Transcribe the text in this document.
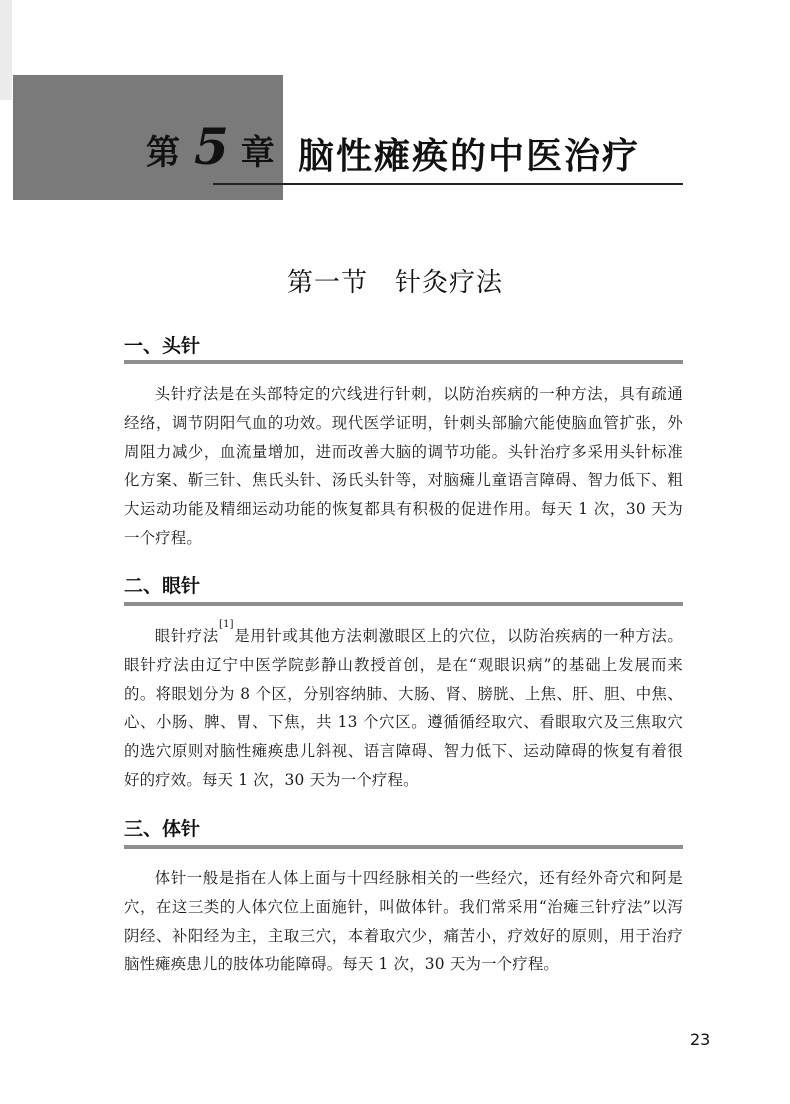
第 5 章 脑性瘫痪的中医治疗
第一节　针灸疗法
一、头针

头针疗法是在头部特定的穴线进行针刺，以防治疾病的一种方法，具有疏通经络，调节阴阳气血的功效。现代医学证明，针刺头部腧穴能使脑血管扩张，外周阻力减少，血流量增加，进而改善大脑的调节功能。头针治疗多采用头针标准化方案、靳三针、焦氏头针、汤氏头针等，对脑瘫儿童语言障碍、智力低下、粗大运动功能及精细运动功能的恢复都具有积极的促进作用。每天 1 次，30 天为一个疗程。

二、眼针

眼针疗法[1]是用针或其他方法刺激眼区上的穴位，以防治疾病的一种方法。眼针疗法由辽宁中医学院彭静山教授首创，是在“观眼识病”的基础上发展而来的。将眼划分为 8 个区，分别容纳肺、大肠、肾、膀胱、上焦、肝、胆、中焦、心、小肠、脾、胃、下焦，共 13 个穴区。遵循循经取穴、看眼取穴及三焦取穴的选穴原则对脑性瘫痪患儿斜视、语言障碍、智力低下、运动障碍的恢复有着很好的疗效。每天 1 次，30 天为一个疗程。

三、体针

体针一般是指在人体上面与十四经脉相关的一些经穴，还有经外奇穴和阿是穴，在这三类的人体穴位上面施针，叫做体针。我们常采用“治瘫三针疗法”以泻阴经、补阳经为主，主取三穴，本着取穴少，痛苦小，疗效好的原则，用于治疗脑性瘫痪患儿的肢体功能障碍。每天 1 次，30 天为一个疗程。

23
